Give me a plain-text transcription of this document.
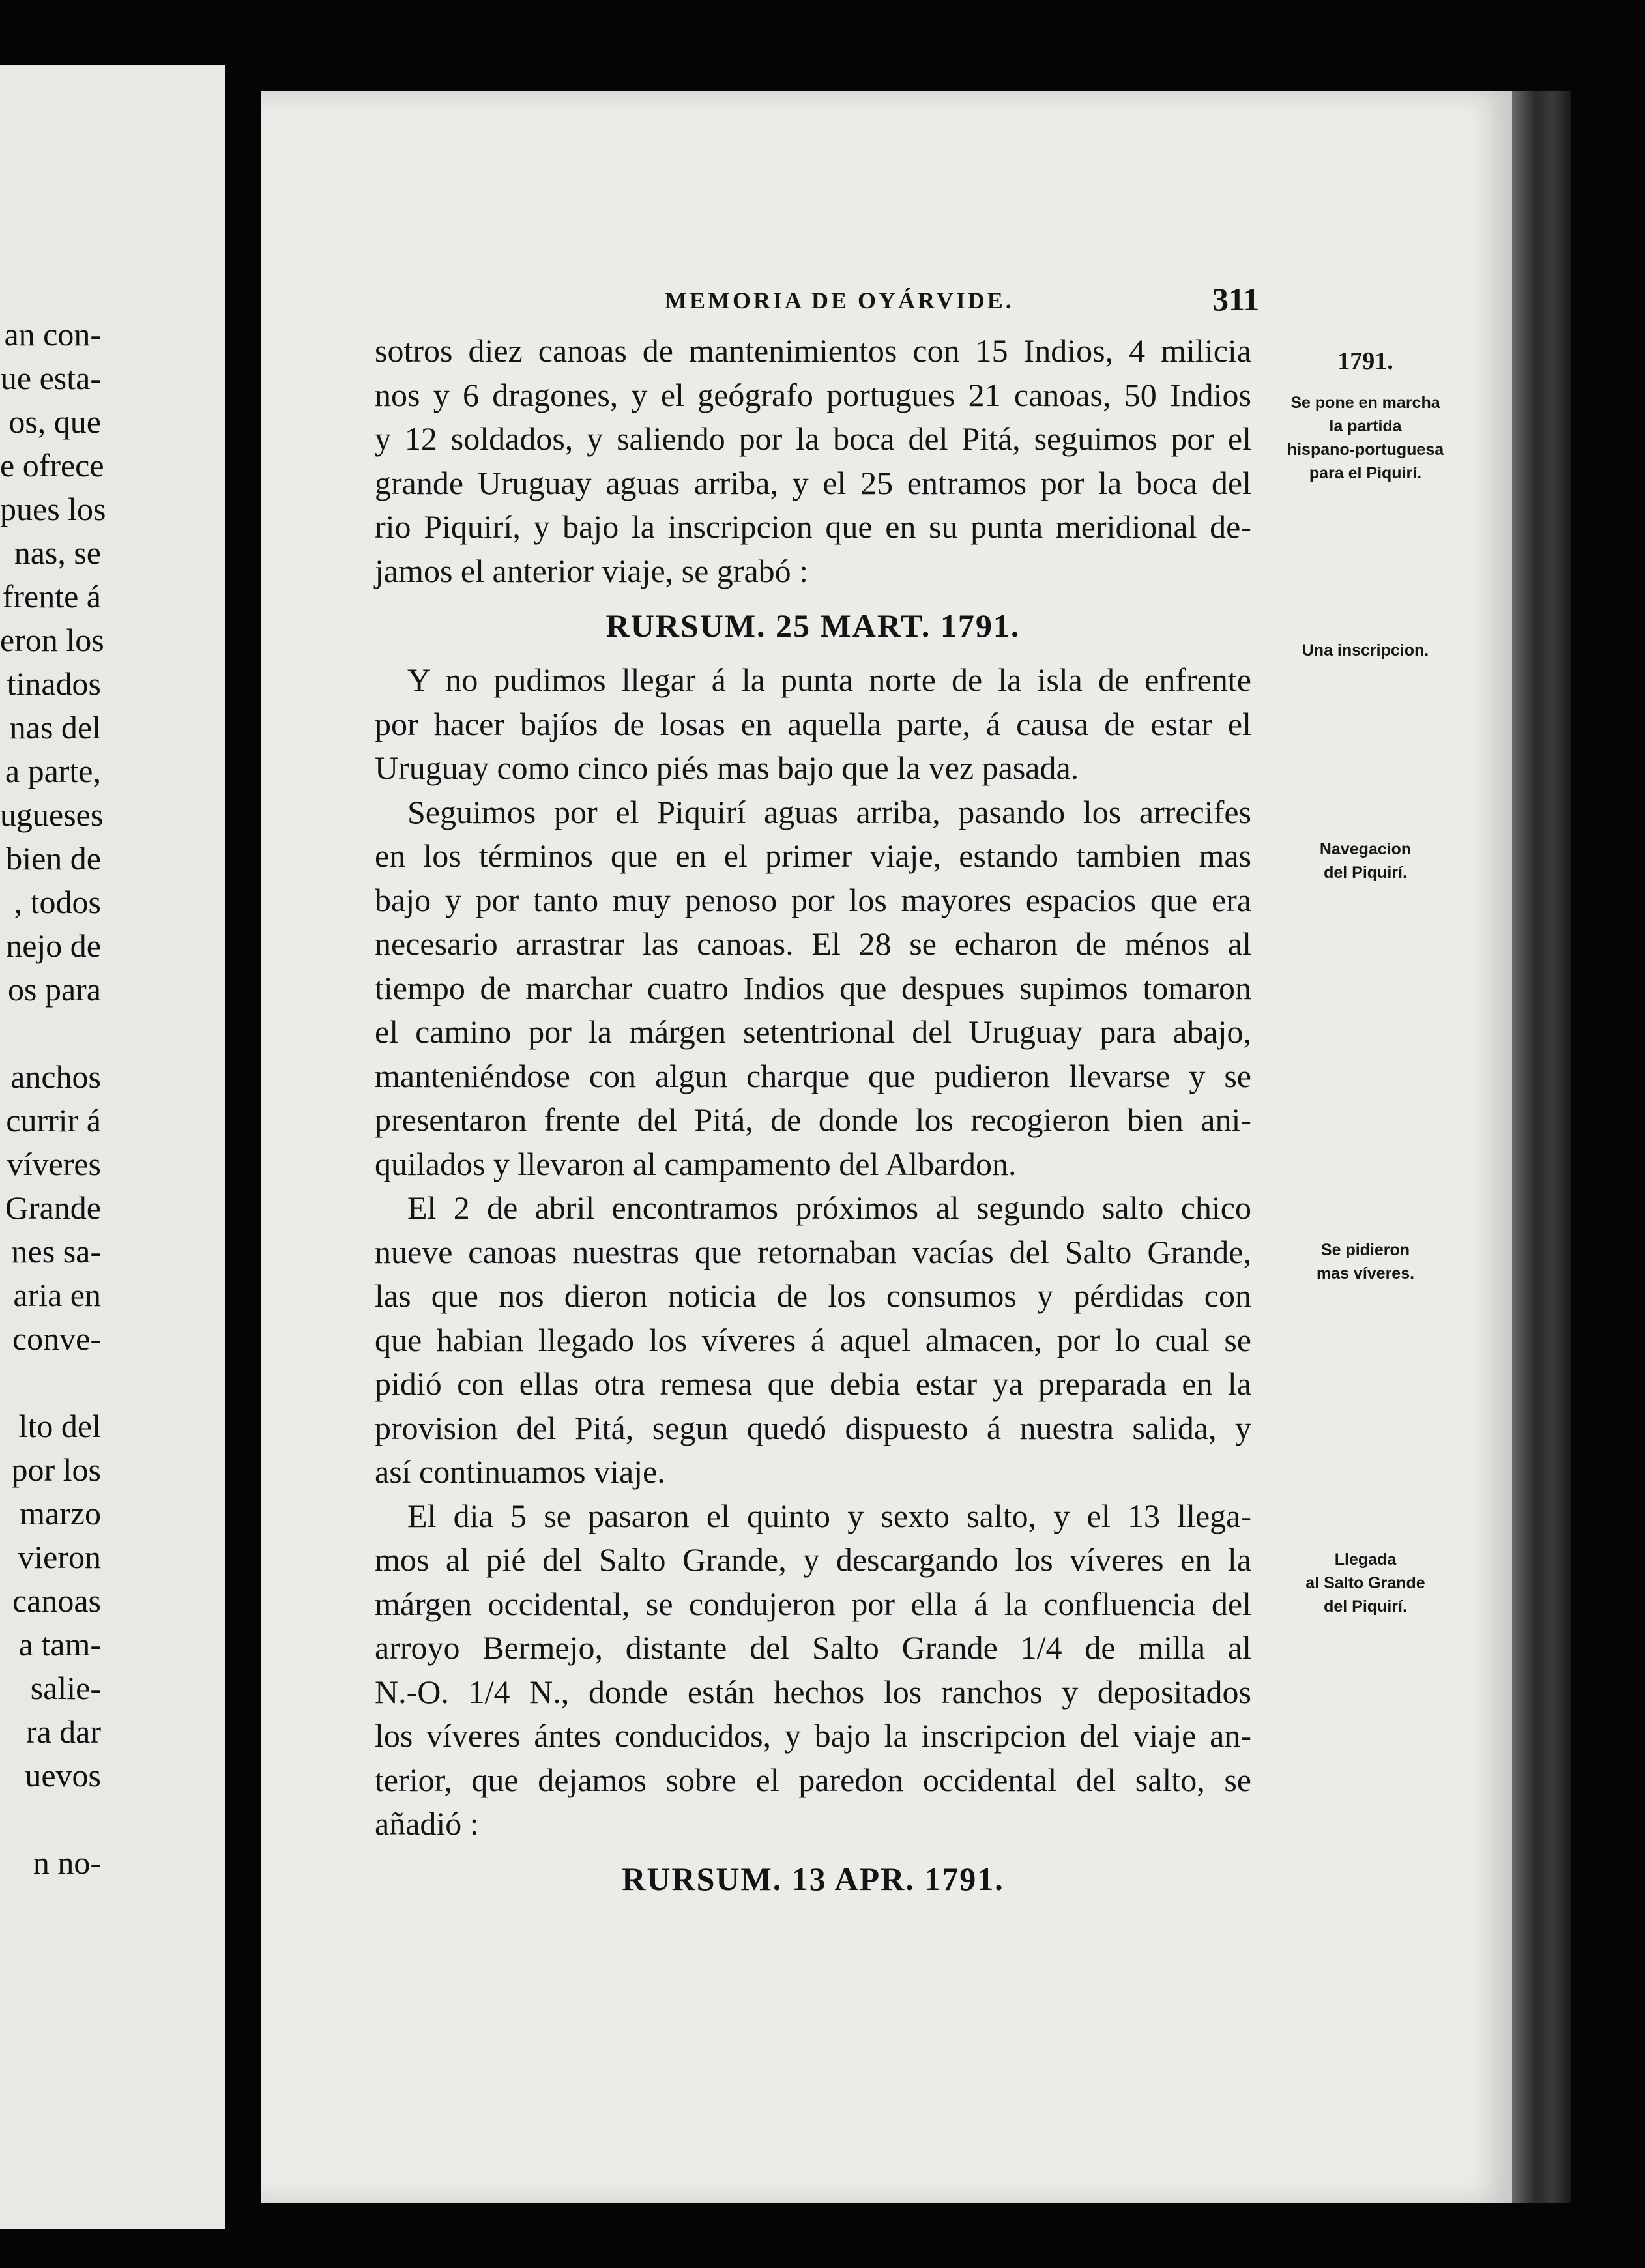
an con-
ue esta-
os, que
e ofrece
pues los
nas, se
frente á
eron los
tinados
nas del
a parte,
ugueses
bien de
, todos
nejo de
os para
anchos
currir á
víveres
Grande
nes sa-
aria en
conve-
lto del
por los
marzo
vieron
canoas
a tam-
salie-
ra dar
uevos
n no-
MEMORIA DE OYÁRVIDE.	311
sotros diez canoas de mantenimientos con 15 Indios, 4 milicia
nos y 6 dragones, y el geógrafo portugues 21 canoas, 50 Indios
y 12 soldados, y saliendo por la boca del Pitá, seguimos por el
grande Uruguay aguas arriba, y el 25 entramos por la boca del
rio Piquirí, y bajo la inscripcion que en su punta meridional de-
jamos el anterior viaje, se grabó :
RURSUM. 25 MART. 1791.
Y no pudimos llegar á la punta norte de la isla de enfrente
por hacer bajíos de losas en aquella parte, á causa de estar el
Uruguay como cinco piés mas bajo que la vez pasada.
Seguimos por el Piquirí aguas arriba, pasando los arrecifes
en los términos que en el primer viaje, estando tambien mas
bajo y por tanto muy penoso por los mayores espacios que era
necesario arrastrar las canoas. El 28 se echaron de ménos al
tiempo de marchar cuatro Indios que despues supimos tomaron
el camino por la márgen setentrional del Uruguay para abajo,
manteniéndose con algun charque que pudieron llevarse y se
presentaron frente del Pitá, de donde los recogieron bien ani-
quilados y llevaron al campamento del Albardon.
El 2 de abril encontramos próximos al segundo salto chico
nueve canoas nuestras que retornaban vacías del Salto Grande,
las que nos dieron noticia de los consumos y pérdidas con
que habian llegado los víveres á aquel almacen, por lo cual se
pidió con ellas otra remesa que debia estar ya preparada en la
provision del Pitá, segun quedó dispuesto á nuestra salida, y
así continuamos viaje.
El dia 5 se pasaron el quinto y sexto salto, y el 13 llega-
mos al pié del Salto Grande, y descargando los víveres en la
márgen occidental, se condujeron por ella á la confluencia del
arroyo Bermejo, distante del Salto Grande 1/4 de milla al
N.-O. 1/4 N., donde están hechos los ranchos y depositados
los víveres ántes conducidos, y bajo la inscripcion del viaje an-
terior, que dejamos sobre el paredon occidental del salto, se
añadió :
RURSUM. 13 APR. 1791.
1791.
Se pone en marcha
la partida
hispano-portuguesa
para el Piquirí.
Una inscripcion.
Navegacion
del Piquirí.
Se pidieron
mas víveres.
Llegada
al Salto Grande
del Piquirí.
